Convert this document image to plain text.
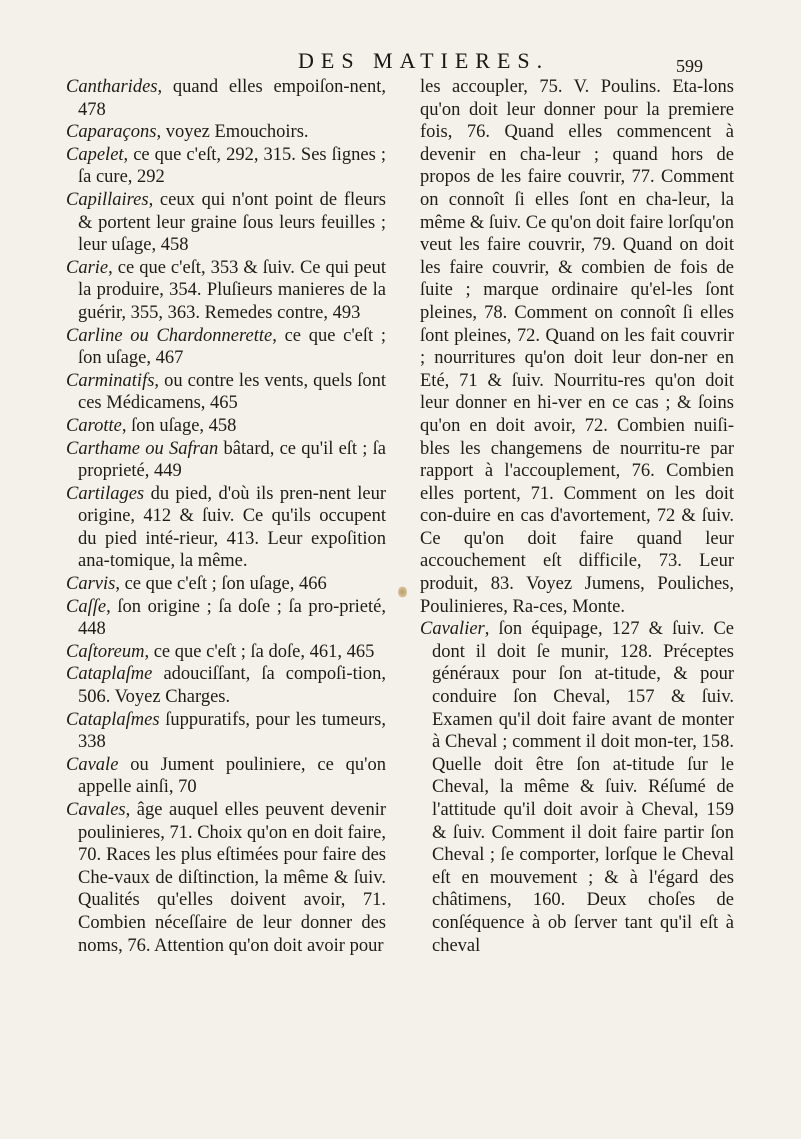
DES MATIERES.	599

Cantharides, quand elles empoiſon-nent, 478

Caparaçons, voyez Emouchoirs.

Capelet, ce que c'eſt, 292, 315. Ses ſignes ; ſa cure, 292

Capillaires, ceux qui n'ont point de fleurs & portent leur graine ſous leurs feuilles ; leur uſage, 458

Carie, ce que c'eſt, 353 & ſuiv. Ce qui peut la produire, 354. Pluſieurs manieres de la guérir, 355, 363. Remedes contre, 493

Carline ou Chardonnerette, ce que c'eſt ; ſon uſage, 467

Carminatifs, ou contre les vents, quels ſont ces Médicamens, 465

Carotte, ſon uſage, 458

Carthame ou Safran bâtard, ce qu'il eſt ; ſa proprieté, 449

Cartilages du pied, d'où ils pren-nent leur origine, 412 & ſuiv. Ce qu'ils occupent du pied inté-rieur, 413. Leur expoſition ana-tomique, la même.

Carvis, ce que c'eſt ; ſon uſage, 466

Caſſe, ſon origine ; ſa doſe ; ſa pro-prieté, 448

Caſtoreum, ce que c'eſt ; ſa doſe, 461, 465

Cataplaſme adouciſſant, ſa compoſi-tion, 506. Voyez Charges.

Cataplaſmes ſuppuratifs, pour les tumeurs, 338

Cavale ou Jument pouliniere, ce qu'on appelle ainſi, 70

Cavales, âge auquel elles peuvent devenir poulinieres, 71. Choix qu'on en doit faire, 70. Races les plus eſtimées pour faire des Che-vaux de diſtinction, la même & ſuiv. Qualités qu'elles doivent avoir, 71. Combien néceſſaire de leur donner des noms, 76. Attention qu'on doit avoir pour

les accoupler, 75. V. Poulins. Eta-lons qu'on doit leur donner pour la premiere fois, 76. Quand elles commencent à devenir en cha-leur ; quand hors de propos de les faire couvrir, 77. Comment on connoît ſi elles ſont en cha-leur, la même & ſuiv. Ce qu'on doit faire lorſqu'on veut les faire couvrir, 79. Quand on doit les faire couvrir, & combien de fois de ſuite ; marque ordinaire qu'el-les ſont pleines, 78. Comment on connoît ſi elles ſont pleines, 72. Quand on les fait couvrir ; nourritures qu'on doit leur don-ner en Eté, 71 & ſuiv. Nourritu-res qu'on doit leur donner en hi-ver en ce cas ; & ſoins qu'on en doit avoir, 72. Combien nuiſi-bles les changemens de nourritu-re par rapport à l'accouplement, 76. Combien elles portent, 71. Comment on les doit con-duire en cas d'avortement, 72 & ſuiv. Ce qu'on doit faire quand leur accouchement eſt difficile, 73. Leur produit, 83. Voyez Jumens, Pouliches, Poulinieres, Ra-ces, Monte.

Cavalier, ſon équipage, 127 & ſuiv. Ce dont il doit ſe munir, 128. Préceptes généraux pour ſon at-titude, & pour conduire ſon Cheval, 157 & ſuiv. Examen qu'il doit faire avant de monter à Cheval ; comment il doit mon-ter, 158. Quelle doit être ſon at-titude ſur le Cheval, la même & ſuiv. Réſumé de l'attitude qu'il doit avoir à Cheval, 159 & ſuiv. Comment il doit faire partir ſon Cheval ; ſe comporter, lorſque le Cheval eſt en mouvement ; & à l'égard des châtimens, 160. Deux choſes de conſéquence à ob ſerver tant qu'il eſt à cheval
